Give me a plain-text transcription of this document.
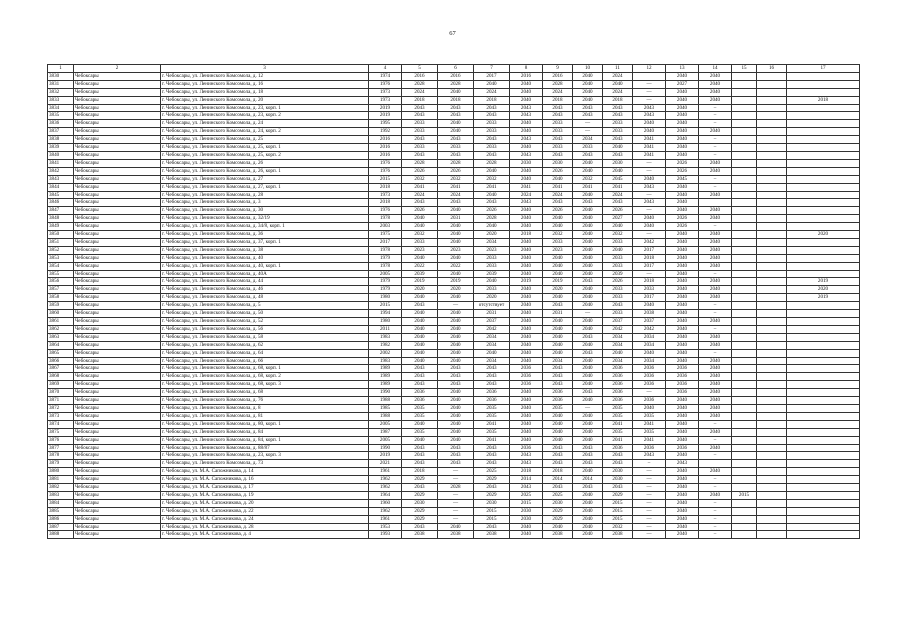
67
1	2	3	4	5	6	7	8	9	10	11	12	13	14	15	16	17
3830	Чебоксары	г. Чебоксары, ул. Ленинского Комсомола, д. 12	1974	2016	2016	2017	2016	2016	2040	2024		2040	2040			
3831	Чебоксары	г. Чебоксары, ул. Ленинского Комсомола, д. 16	1976	2028	2028	2040	2040	2028	2040	2040	—	2027	2040			
3832	Чебоксары	г. Чебоксары, ул. Ленинского Комсомола, д. 18	1973	2024	2040	2024	2040	2024	2040	2024	—	2040	2040			
3833	Чебоксары	г. Чебоксары, ул. Ленинского Комсомола, д. 20	1973	2018	2018	2018	2040	2018	2040	2018	—	2040	2040			2018
3834	Чебоксары	г. Чебоксары, ул. Ленинского Комсомола, д. 23, корп. 1	2019	2043	2043	2043	2043	2043	2043	2043	2043	2040	–			
3835	Чебоксары	г. Чебоксары, ул. Ленинского Комсомола, д. 23, корп. 2	2019	2043	2043	2043	2043	2043	2043	2043	2043	2040	–			
3836	Чебоксары	г. Чебоксары, ул. Ленинского Комсомола, д. 24	1995	2033	2040	2033	2040	2033	—	2033	2040	2040	–			
3837	Чебоксары	г. Чебоксары, ул. Ленинского Комсомола, д. 24, корп. 2	1992	2033	2040	2033	2040	2033	—	2033	2040	2040	2040			
3838	Чебоксары	г. Чебоксары, ул. Ленинского Комсомола, д. 25	2016	2043	2043	2043	2043	2043	2034	2043	2041	2040	–			
3839	Чебоксары	г. Чебоксары, ул. Ленинского Комсомола, д. 25, корп. 1	2016	2033	2033	2033	2040	2033	2033	2040	2041	2040	–			
3840	Чебоксары	г. Чебоксары, ул. Ленинского Комсомола, д. 25, корп. 2	2016	2043	2043	2043	2043	2043	2043	2043	2041	2040	–			
3841	Чебоксары	г. Чебоксары, ул. Ленинского Комсомола, д. 26	1976	2028	2028	2028	2030	2030	2040	2030	—	2026	2040			
3842	Чебоксары	г. Чебоксары, ул. Ленинского Комсомола, д. 26, корп. 1	1976	2026	2026	2040	2040	2026	2040	2040	—	2026	2040			
3843	Чебоксары	г. Чебоксары, ул. Ленинского Комсомола, д. 27	2015	2032	2032	2032	2040	2040	2032	2045	2040	2045	–			
3844	Чебоксары	г. Чебоксары, ул. Ленинского Комсомола, д. 27, корп. 1	2018	2041	2041	2041	2041	2041	2041	2041	2043	2040	–			
3845	Чебоксары	г. Чебоксары, ул. Ленинского Комсомола, д. 28	1973	2024	2024	2040	2024	2024	2040	2024	—	2040	2040			
3846	Чебоксары	г. Чебоксары, ул. Ленинского Комсомола, д. 3	2018	2043	2043	2043	2043	2043	2043	2043	2043	2040				
3847	Чебоксары	г. Чебоксары, ул. Ленинского Комсомола, д. 30	1976	2026	2040	2026	2040	2026	2040	2026	—	2040	2040			
3848	Чебоксары	г. Чебоксары, ул. Ленинского Комсомола, д. 32/19	1978	2040	2031	2028	2040	2040	2040	2027	2040	2026	2040			
3849	Чебоксары	г. Чебоксары, ул. Ленинского Комсомола, д. 34/8, корп. 1	2003	2040	2040	2040	2040	2040	2040	2040	2040	2026	–			
3850	Чебоксары	г. Чебоксары, ул. Ленинского Комсомола, д. 36	1975	2032	2040	2020	2018	2032	2040	2032	—	2040	2040			2020
3851	Чебоксары	г. Чебоксары, ул. Ленинского Комсомола, д. 37, корп. 1	2017	2033	2040	2034	2040	2033	2040	2033	2042	2040	2040			
3852	Чебоксары	г. Чебоксары, ул. Ленинского Комсомола, д. 38	1978	2023	2023	2023	2040	2023	2040	2040	2017	2040	2040			
3853	Чебоксары	г. Чебоксары, ул. Ленинского Комсомола, д. 40	1979	2040	2040	2033	2040	2040	2040	2033	2018	2040	2040			
3854	Чебоксары	г. Чебоксары, ул. Ленинского Комсомола, д. 40, корп. 1	1978	2022	2022	2033	2040	2040	2040	2033	2017	2040	2040			
3855	Чебоксары	г. Чебоксары, ул. Ленинского Комсомола, д. 40А	2005	2039	2040	2039	2040	2040	2040	2039	—	2040	–			
3856	Чебоксары	г. Чебоксары, ул. Ленинского Комсомола, д. 44	1979	2019	2019	2040	2019	2019	2043	2026	2018	2040	2040			2019
3857	Чебоксары	г. Чебоксары, ул. Ленинского Комсомола, д. 46	1979	2020	2020	2033	2040	2020	2040	2033	2033	2040	2040			2020
3858	Чебоксары	г. Чебоксары, ул. Ленинского Комсомола, д. 48	1980	2040	2040	2020	2040	2040	2040	2033	2017	2040	2040			2019
3859	Чебоксары	г. Чебоксары, ул. Ленинского Комсомола, д. 5	2015	2043	—	отсутствует	2040	2043	2040	2043	2040	2040	–			
3860	Чебоксары	г. Чебоксары, ул. Ленинского Комсомола, д. 50	1994	2040	2040	2031	2040	2031	—	2033	2038	2040	–			
3861	Чебоксары	г. Чебоксары, ул. Ленинского Комсомола, д. 52	1980	2040	2040	2037	2040	2040	2040	2037	2037	2040	2040			
3862	Чебоксары	г. Чебоксары, ул. Ленинского Комсомола, д. 56	2011	2040	2040	2042	2040	2040	2040	2042	2042	2040	–			
3863	Чебоксары	г. Чебоксары, ул. Ленинского Комсомола, д. 58	1983	2040	2040	2034	2040	2040	2043	2034	2034	2040	2040			
3864	Чебоксары	г. Чебоксары, ул. Ленинского Комсомола, д. 62	1982	2040	2040	2034	2040	2040	2040	2034	2034	2040	2040			
3865	Чебоксары	г. Чебоксары, ул. Ленинского Комсомола, д. 64	2002	2040	2040	2040	2040	2040	2043	2040	2040	2040	–			
3866	Чебоксары	г. Чебоксары, ул. Ленинского Комсомола, д. 66	1983	2040	2040	2034	2040	2034	2040	2034	2034	2040	2040			
3867	Чебоксары	г. Чебоксары, ул. Ленинского Комсомола, д. 68, корп. 1	1989	2043	2043	2043	2036	2043	2040	2036	2036	2036	2040			
3868	Чебоксары	г. Чебоксары, ул. Ленинского Комсомола, д. 68, корп. 2	1989	2043	2043	2043	2036	2043	2040	2036	2036	2036	2040			
3869	Чебоксары	г. Чебоксары, ул. Ленинского Комсомола, д. 68, корп. 3	1989	2043	2043	2043	2036	2043	2040	2036	2036	2036	2040			
3870	Чебоксары	г. Чебоксары, ул. Ленинского Комсомола, д. 68	1990	2036	2040	2036	2040	2036	2043	2036	—	2036	2040			
3871	Чебоксары	г. Чебоксары, ул. Ленинского Комсомола, д. 76	1988	2036	2040	2036	2040	2036	2040	2036	2036	2040	2040			
3872	Чебоксары	г. Чебоксары, ул. Ленинского Комсомола, д. 8	1985	2035	2040	2035	2040	2035	—	2035	2040	2040	2040			
3873	Чебоксары	г. Чебоксары, ул. Ленинского Комсомола, д. 81	1988	2035	2040	2035	2040	2040	2040	2035	2035	2040	2040			
3874	Чебоксары	г. Чебоксары, ул. Ленинского Комсомола, д. 80, корп. 1	2005	2040	2040	2041	2040	2040	2040	2041	2041	2040	–			
3875	Чебоксары	г. Чебоксары, ул. Ленинского Комсомола, д. 84	1987	2035	2040	2035	2040	2040	2040	2035	2035	2040	2040			
3876	Чебоксары	г. Чебоксары, ул. Ленинского Комсомола, д. 84, корп. 1	2005	2040	2040	2041	2040	2040	2040	2041	2041	2040	–			
3877	Чебоксары	г. Чебоксары, ул. Ленинского Комсомола, д. 88/87	1990	2043	2043	2043	2036	2043	2043	2036	2036	2036	2040			
3878	Чебоксары	г. Чебоксары, ул. Ленинского Комсомола, д. 23, корп. 3	2019	2043	2043	2043	2043	2043	2043	2043	2043	2040	–			
3879	Чебоксары	г. Чебоксары, ул. Ленинского Комсомола, д. 73	2021	2043	2043	2043	2043	2043	2043	2043	–	2043				
3880	Чебоксары	г. Чебоксары, ул. М.А. Сапожникова, д. 14	1961	2018	—	2025	2018	2018	2040	2030	—	2040	2040			
3881	Чебоксары	г. Чебоксары, ул. М.А. Сапожникова, д. 16	1962	2029	—	2029	2014	2014	2014	2030	—	2040	–			
3882	Чебоксары	г. Чебоксары, ул. М.А. Сапожникова, д. 17	1962	2043	2028	2043	2043	2043	2043	2043	—	2040	–			
3883	Чебоксары	г. Чебоксары, ул. М.А. Сапожникова, д. 19	1964	2029	—	2029	2025	2025	2040	2029	—	2040	2040	2015		
3884	Чебоксары	г. Чебоксары, ул. М.А. Сапожникова, д. 20	1960	2030	—	2030	2015	2030	2040	2015	—	2040	–			
3885	Чебоксары	г. Чебоксары, ул. М.А. Сапожникова, д. 22	1962	2029	—	2015	2030	2029	2040	2015	—	2040	–			
3886	Чебоксары	г. Чебоксары, ул. М.А. Сапожникова, д. 24	1961	2029	—	2015	2030	2029	2040	2015	—	2040	–			
3887	Чебоксары	г. Чебоксары, ул. М.А. Сапожникова, д. 28	1953	2043	2040	2043	2040	2040	2040	2032	—	2040	–			
3888	Чебоксары	г. Чебоксары, ул. М.А. Сапожникова, д. 4	1993	2038	2038	2038	2040	2038	2040	2038	—	2040	–			
